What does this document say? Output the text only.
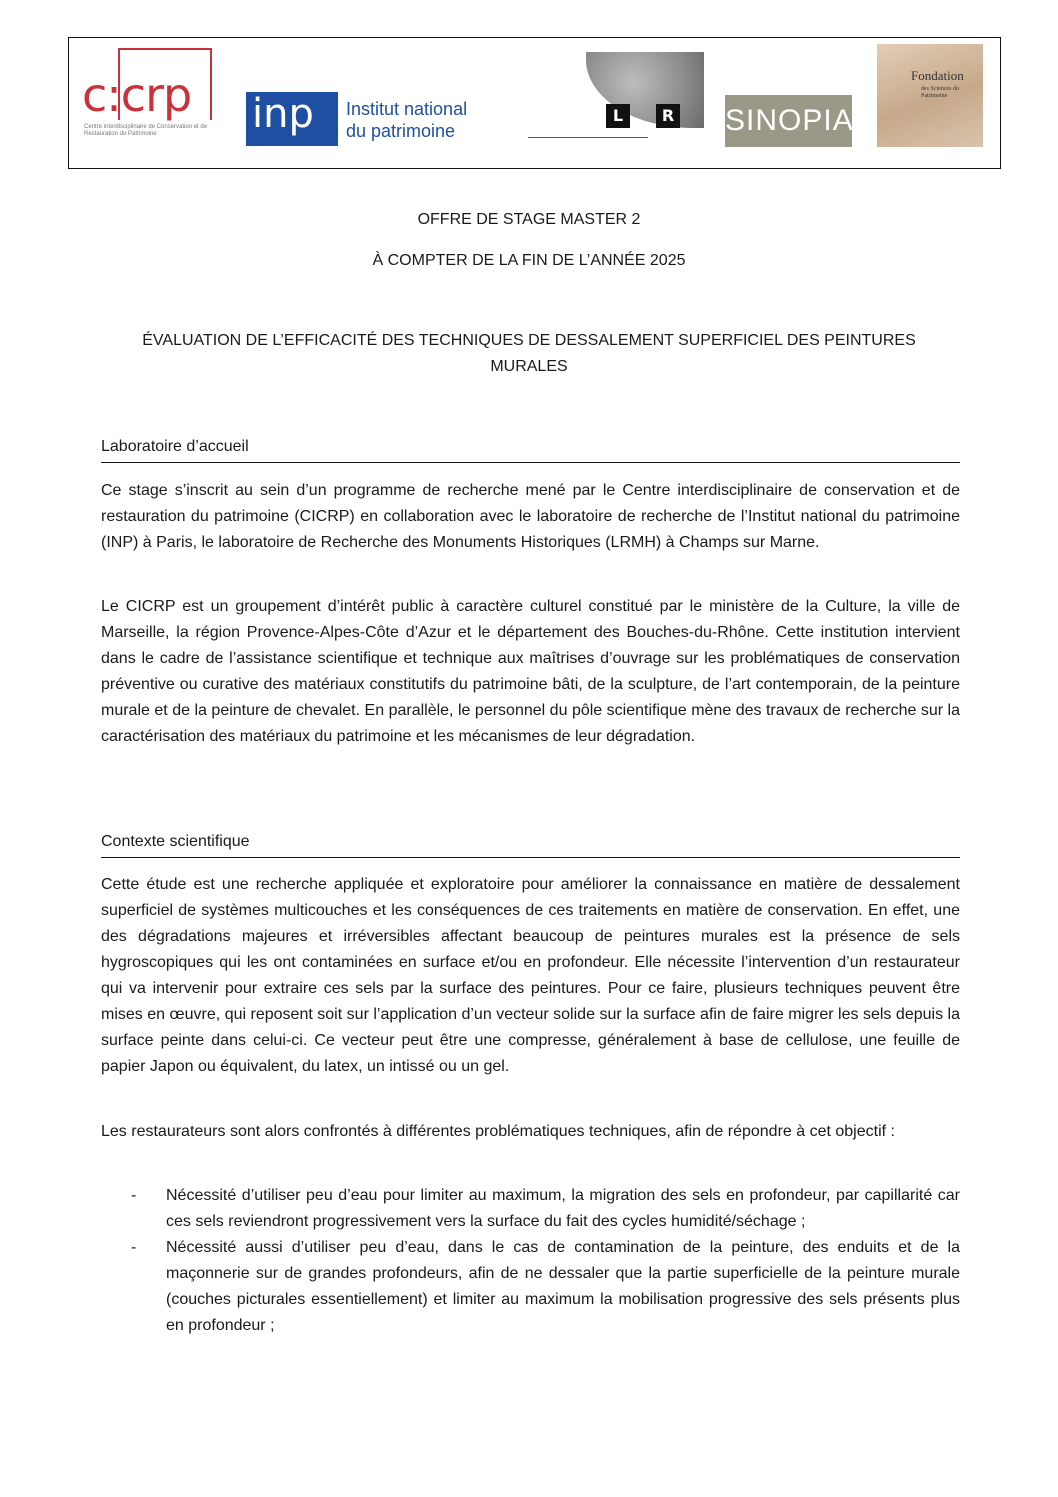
c:crp
Centre interdisciplinaire de Conservation et de Restauration du Patrimoine	inp Institut national
du patrimoine
L	R SINOPIA
Fondation
des Sciences du Patrimoine
OFFRE DE STAGE MASTER 2
À COMPTER DE LA FIN DE L’ANNÉE 2025
ÉVALUATION DE L’EFFICACITÉ DES TECHNIQUES DE DESSALEMENT SUPERFICIEL DES PEINTURES
MURALES
Laboratoire d’accueil

Ce stage s’inscrit au sein d’un programme de recherche mené par le Centre interdisciplinaire de conservation et de restauration du patrimoine (CICRP) en collaboration avec le laboratoire de recherche de l’Institut national du patrimoine (INP) à Paris, le laboratoire de Recherche des Monuments Historiques (LRMH) à Champs sur Marne.

Le CICRP est un groupement d’intérêt public à caractère culturel constitué par le ministère de la Culture, la ville de Marseille, la région Provence-Alpes-Côte d’Azur et le département des Bouches-du-Rhône. Cette institution intervient dans le cadre de l’assistance scientifique et technique aux maîtrises d’ouvrage sur les problématiques de conservation préventive ou curative des matériaux constitutifs du patrimoine bâti, de la sculpture, de l’art contemporain, de la peinture murale et de la peinture de chevalet. En parallèle, le personnel du pôle scientifique mène des travaux de recherche sur la caractérisation des matériaux du patrimoine et les mécanismes de leur dégradation.

Contexte scientifique

Cette étude est une recherche appliquée et exploratoire pour améliorer la connaissance en matière de dessalement superficiel de systèmes multicouches et les conséquences de ces traitements en matière de conservation. En effet, une des dégradations majeures et irréversibles affectant beaucoup de peintures murales est la présence de sels hygroscopiques qui les ont contaminées en surface et/ou en profondeur. Elle nécessite l’intervention d’un restaurateur qui va intervenir pour extraire ces sels par la surface des peintures. Pour ce faire, plusieurs techniques peuvent être mises en œuvre, qui reposent soit sur l’application d’un vecteur solide sur la surface afin de faire migrer les sels depuis la surface peinte dans celui-ci. Ce vecteur peut être une compresse, généralement à base de cellulose, une feuille de papier Japon ou équivalent, du latex, un intissé ou un gel.

Les restaurateurs sont alors confrontés à différentes problématiques techniques, afin de répondre à cet objectif :

- Nécessité d’utiliser peu d’eau pour limiter au maximum, la migration des sels en profondeur, par capillarité car ces sels reviendront progressivement vers la surface du fait des cycles humidité/séchage ;
- Nécessité aussi d’utiliser peu d’eau, dans le cas de contamination de la peinture, des enduits et de la maçonnerie sur de grandes profondeurs, afin de ne dessaler que la partie superficielle de la peinture murale (couches picturales essentiellement) et limiter au maximum la mobilisation progressive des sels présents plus en profondeur ;
